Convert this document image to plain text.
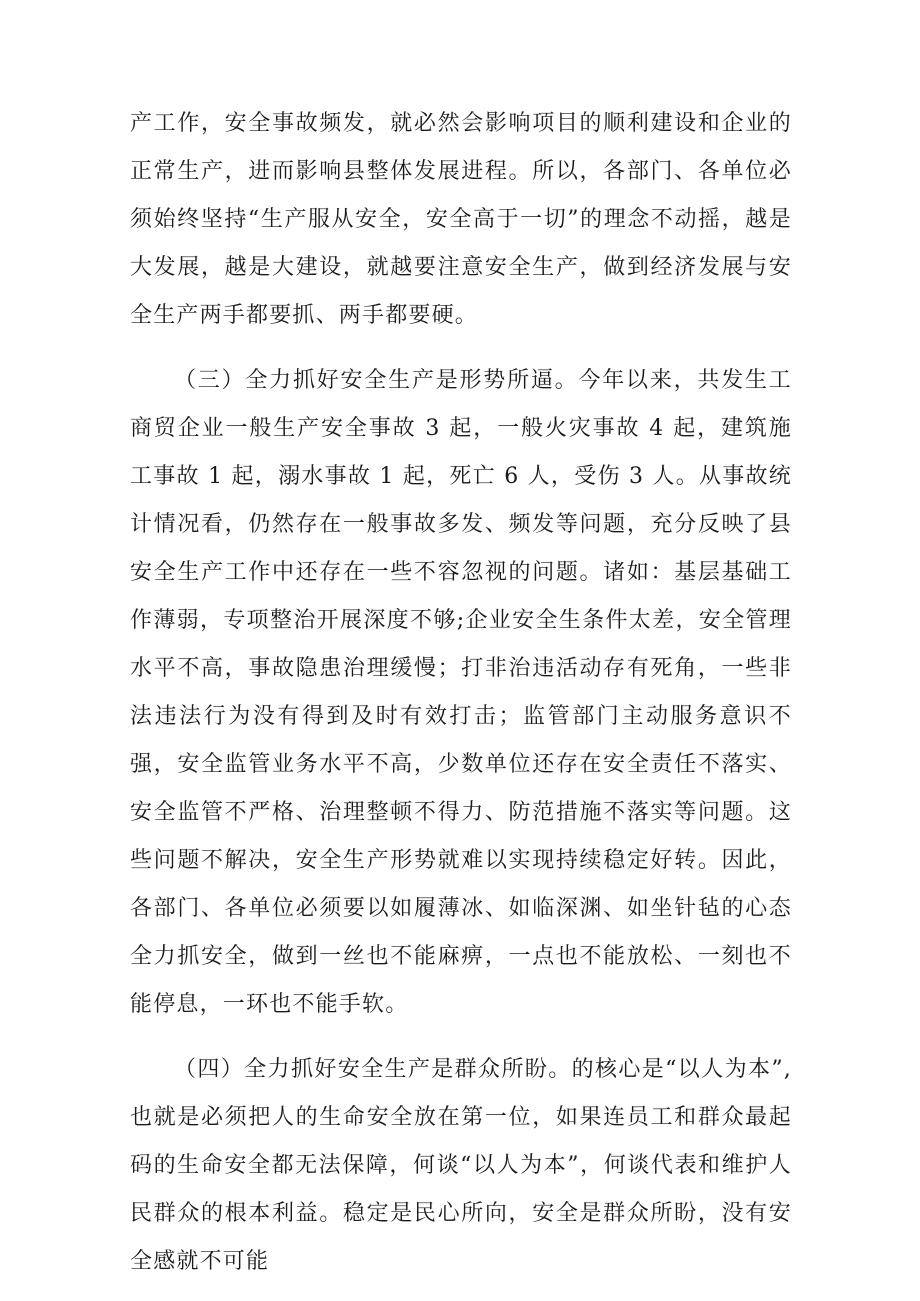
产工作，安全事故频发，就必然会影响项目的顺利建设和企业的正常生产，进而影响县整体发展进程。所以，各部门、各单位必须始终坚持“生产服从安全，安全高于一切”的理念不动摇，越是大发展，越是大建设，就越要注意安全生产，做到经济发展与安全生产两手都要抓、两手都要硬。

（三）全力抓好安全生产是形势所逼。今年以来，共发生工商贸企业一般生产安全事故 3 起，一般火灾事故 4 起，建筑施工事故 1 起，溺水事故 1 起，死亡 6 人，受伤 3 人。从事故统计情况看，仍然存在一般事故多发、频发等问题，充分反映了县安全生产工作中还存在一些不容忽视的问题。诸如：基层基础工作薄弱，专项整治开展深度不够;企业安全生条件太差，安全管理水平不高，事故隐患治理缓慢；打非治违活动存有死角，一些非法违法行为没有得到及时有效打击；监管部门主动服务意识不强，安全监管业务水平不高，少数单位还存在安全责任不落实、安全监管不严格、治理整顿不得力、防范措施不落实等问题。这些问题不解决，安全生产形势就难以实现持续稳定好转。因此，各部门、各单位必须要以如履薄冰、如临深渊、如坐针毡的心态全力抓安全，做到一丝也不能麻痹，一点也不能放松、一刻也不能停息，一环也不能手软。

（四）全力抓好安全生产是群众所盼。的核心是“以人为本”,也就是必须把人的生命安全放在第一位，如果连员工和群众最起码的生命安全都无法保障，何谈“以人为本”，何谈代表和维护人民群众的根本利益。稳定是民心所向，安全是群众所盼，没有安全感就不可能
